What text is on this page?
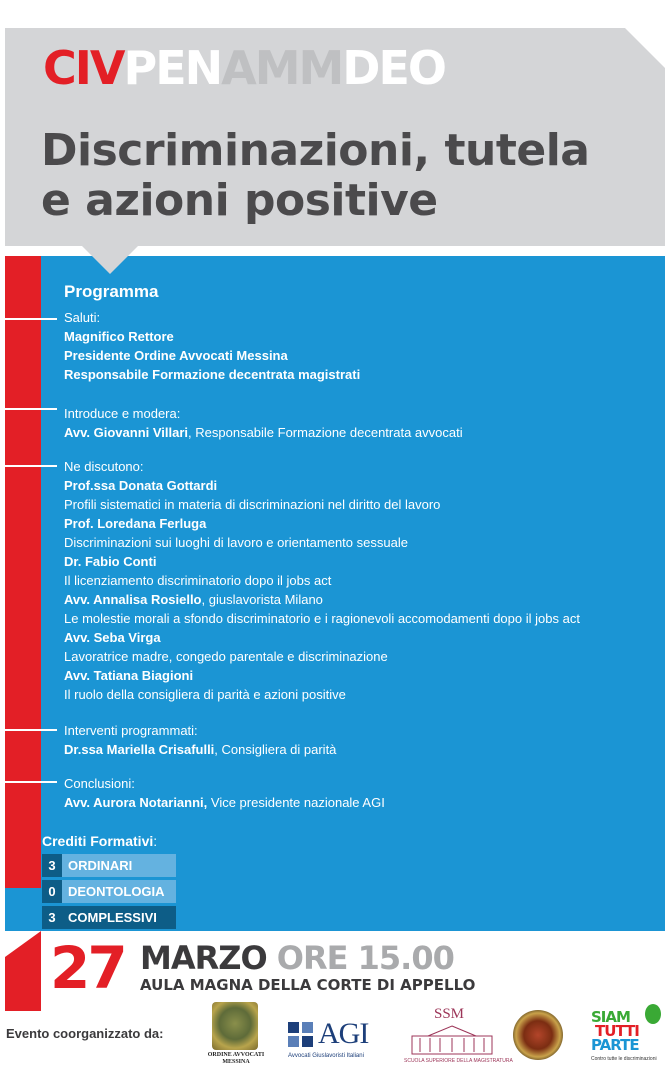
CIVPENAMMDEO
Discriminazioni, tutela
e azioni positive
Programma
Saluti:
Magnifico Rettore
Presidente Ordine Avvocati Messina
Responsabile Formazione decentrata magistrati
Introduce e modera:
Avv. Giovanni Villari, Responsabile Formazione decentrata avvocati
Ne discutono:
Prof.ssa Donata Gottardi
Profili sistematici in materia di discriminazioni nel diritto del lavoro
Prof. Loredana Ferluga
Discriminazioni sui luoghi di lavoro e orientamento sessuale
Dr. Fabio Conti
Il licenziamento discriminatorio dopo il jobs act
Avv. Annalisa Rosiello, giuslavorista Milano
Le molestie morali a sfondo discriminatorio e i ragionevoli accomodamenti dopo il jobs act
Avv. Seba Virga
Lavoratrice madre, congedo parentale e discriminazione
Avv. Tatiana Biagioni
Il ruolo della consigliera di parità e azioni positive
Interventi programmati:
Dr.ssa Mariella Crisafulli, Consigliera di parità
Conclusioni:
Avv. Aurora Notarianni, Vice presidente nazionale AGI
Crediti Formativi:
3 ORDINARI
0 DEONTOLOGIA
3 COMPLESSIVI
27 MARZO ORE 15.00
AULA MAGNA DELLA CORTE DI APPELLO
Evento coorganizzato da:
ORDINE AVVOCATI
MESSINA
AGI
Avvocati Giuslavoristi Italiani
SSM
SCUOLA SUPERIORE DELLA MAGISTRATURA
SIAM
TUTTI
PARTE
Contro tutte le discriminazioni
